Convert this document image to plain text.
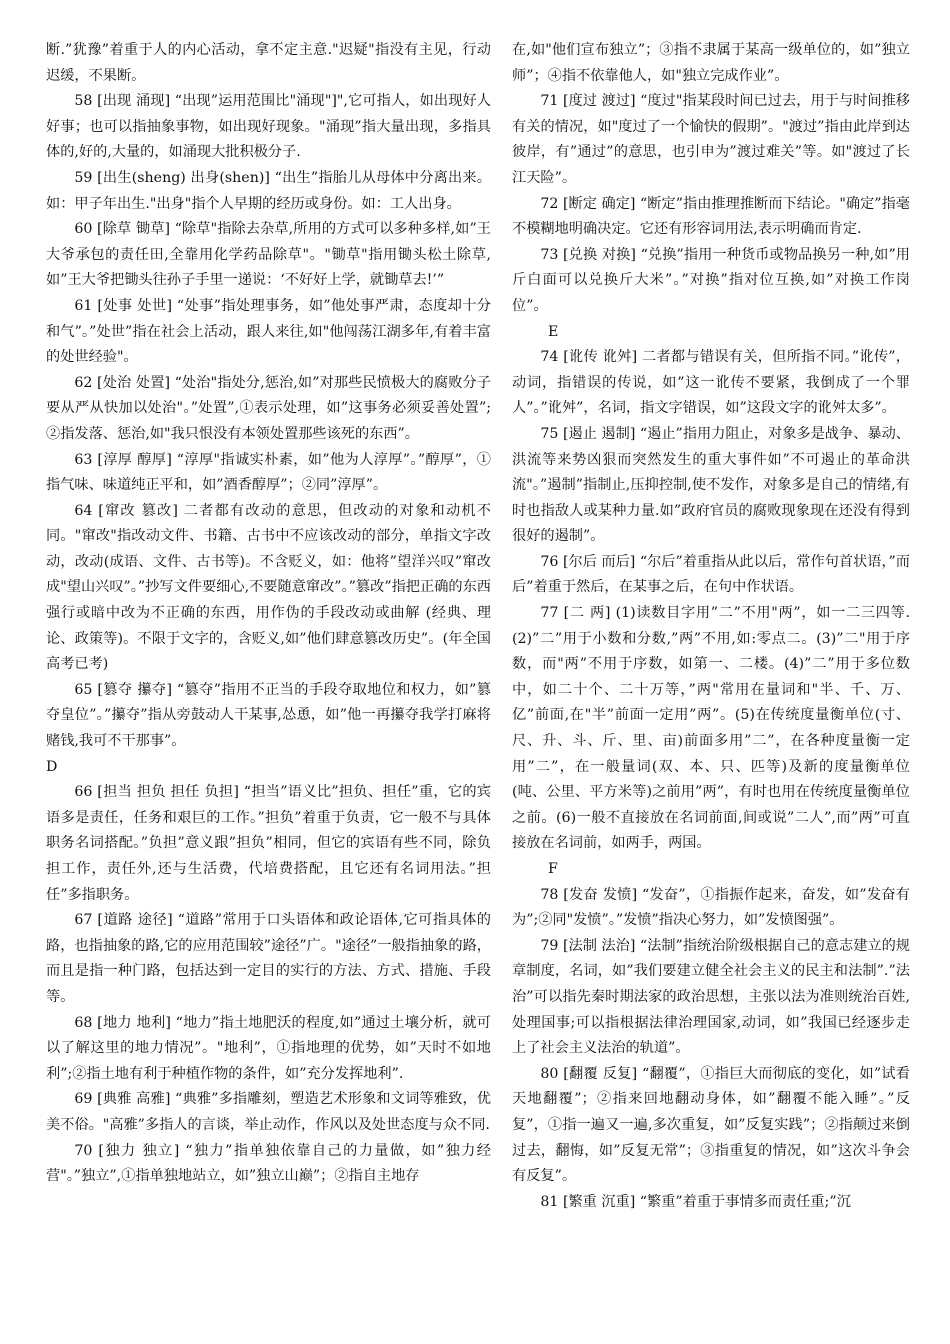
断.”犹豫”着重于人的内心活动，拿不定主意."迟疑"指没有主见，行动迟缓，不果断。

58 [出现 涌现] “出现”运用范围比"涌现"]",它可指人，如出现好人好事；也可以指抽象事物，如出现好现象。"涌现”指大量出现，多指具体的,好的,大量的，如涌现大批积极分子.

59 [出生(sheng) 出身(shen)] “出生”指胎儿从母体中分离出来。如：甲子年出生."出身"指个人早期的经历或身份。如：工人出身。

60 [除草 锄草] “除草"指除去杂草,所用的方式可以多种多样,如”王大爷承包的责任田,全靠用化学药品除草"。"锄草"指用锄头松土除草,如”王大爷把锄头往孙子手里一递说：‘不好好上学，就锄草去!’”

61 [处事 处世] “处事”指处理事务，如”他处事严肃，态度却十分和气”。”处世”指在社会上活动，跟人来往,如"他闯荡江湖多年,有着丰富的处世经验"。

62 [处治 处置] “处治"指处分,惩治,如”对那些民愤极大的腐败分子要从严从快加以处治"。”处置”,①表示处理，如”这事务必须妥善处置”;②指发落、惩治,如"我只恨没有本领处置那些该死的东西”。

63 [淳厚 醇厚] “淳厚"指诚实朴素，如”他为人淳厚”。”醇厚”，①指气味、味道纯正平和，如”酒香醇厚”；②同”淳厚”。

64 [窜改 篡改] 二者都有改动的意思，但改动的对象和动机不同。"窜改"指改动文件、书籍、古书中不应该改动的部分，单指文字改动，改动(成语、文件、古书等)。不含贬义，如：他将”望洋兴叹”窜改成"望山兴叹”。”抄写文件要细心,不要随意窜改”。”篡改”指把正确的东西强行或暗中改为不正确的东西，用作伪的手段改动或曲解 (经典、理论、政策等)。不限于文字的，含贬义,如”他们肆意篡改历史”。(年全国高考已考)

65 [篡夺 攥夺] “篡夺”指用不正当的手段夺取地位和权力，如”篡夺皇位”。”攥夺”指从旁鼓动人干某事,怂恿，如”他一再攥夺我学打麻将赌钱,我可不干那事”。

D

66 [担当 担负 担任 负担] “担当”语义比”担负、担任”重，它的宾语多是责任，任务和艰巨的工作。”担负”着重于负责，它一般不与具体职务名词搭配。”负担”意义跟”担负”相同，但它的宾语有些不同，除负担工作，责任外,还与生活费，代培费搭配，且它还有名词用法。”担任”多指职务。

67 [道路 途径] “道路”常用于口头语体和政论语体,它可指具体的路，也指抽象的路,它的应用范围较”途径”广。"途径”一般指抽象的路，而且是指一种门路，包括达到一定目的实行的方法、方式、措施、手段等。

68 [地力 地利] “地力”指土地肥沃的程度,如”通过土壤分析，就可以了解这里的地力情况”。"地利”，①指地理的优势，如”天时不如地利”;②指土地有利于种植作物的条件，如”充分发挥地利”.

69 [典雅 高雅] “典雅”多指雕刻，塑造艺术形象和文词等雅致，优美不俗。"高雅”多指人的言谈，举止动作，作风以及处世态度与众不同.

70 [独力 独立] “独力”指单独依靠自己的力量做，如”独力经营"。”独立”,①指单独地站立，如”独立山巅”；②指自主地存

在,如"他们宣布独立”；③指不隶属于某高一级单位的，如”独立师”；④指不依靠他人，如"独立完成作业”。

71 [度过 渡过] “度过"指某段时间已过去，用于与时间推移有关的情况，如"度过了一个愉快的假期”。"渡过”指由此岸到达彼岸，有”通过”的意思，也引申为”渡过难关”等。如"渡过了长江天险”。

72 [断定 确定] “断定”指由推理推断而下结论。"确定”指毫不模糊地明确决定。它还有形容词用法,表示明确而肯定.

73 [兑换 对换] “兑换”指用一种货币或物品换另一种,如”用斤白面可以兑换斤大米”。”对换”指对位互换,如”对换工作岗位”。

E

74 [讹传 讹舛] 二者都与错误有关，但所指不同。”讹传”，动词，指错误的传说，如”这一讹传不要紧，我倒成了一个罪人”。”讹舛”，名词，指文字错误，如”这段文字的讹舛太多”。

75 [遏止 遏制] “遏止”指用力阻止，对象多是战争、暴动、洪流等来势凶狠而突然发生的重大事件如”不可遏止的革命洪流"。”遏制”指制止,压抑控制,使不发作，对象多是自己的情绪,有时也指敌人或某种力量.如”政府官员的腐败现象现在还没有得到很好的遏制”。

76 [尔后 而后] “尔后”着重指从此以后，常作句首状语，”而后”着重于然后，在某事之后，在句中作状语。

77 [二 两] (1)读数目字用”二”不用"两”，如一二三四等.(2)”二”用于小数和分数,”两”不用,如:零点二。(3)”二"用于序数，而"两”不用于序数，如第一、二楼。(4)”二”用于多位数中，如二十个、二十万等，”两"常用在量词和"半、千、万、亿”前面,在"半”前面一定用”两”。(5)在传统度量衡单位(寸、尺、升、斗、斤、里、亩)前面多用”二”，在各种度量衡一定用”二”，在一般量词(双、本、只、匹等)及新的度量衡单位(吨、公里、平方米等)之前用”两”，有时也用在传统度量衡单位之前。(6)一般不直接放在名词前面,间或说”二人”,而”两”可直接放在名词前，如两手，两国。

F

78 [发奋 发愤] “发奋”，①指振作起来，奋发，如”发奋有为”;②同"发愤”。”发愤”指决心努力，如”发愤图强”。

79 [法制 法治] “法制”指统治阶级根据自己的意志建立的规章制度，名词，如”我们要建立健全社会主义的民主和法制”.”法治”可以指先秦时期法家的政治思想，主张以法为准则统治百姓,处理国事;可以指根据法律治理国家,动词，如”我国已经逐步走上了社会主义法治的轨道”。

80 [翻覆 反复] “翻覆”，①指巨大而彻底的变化，如”试看天地翻覆”；②指来回地翻动身体，如”翻覆不能入睡”。”反复”，①指一遍又一遍,多次重复，如”反复实践”；②指颠过来倒过去，翻悔，如”反复无常”；③指重复的情况，如”这次斗争会有反复”。

81 [繁重 沉重] “繁重”着重于事情多而责任重;”沉
